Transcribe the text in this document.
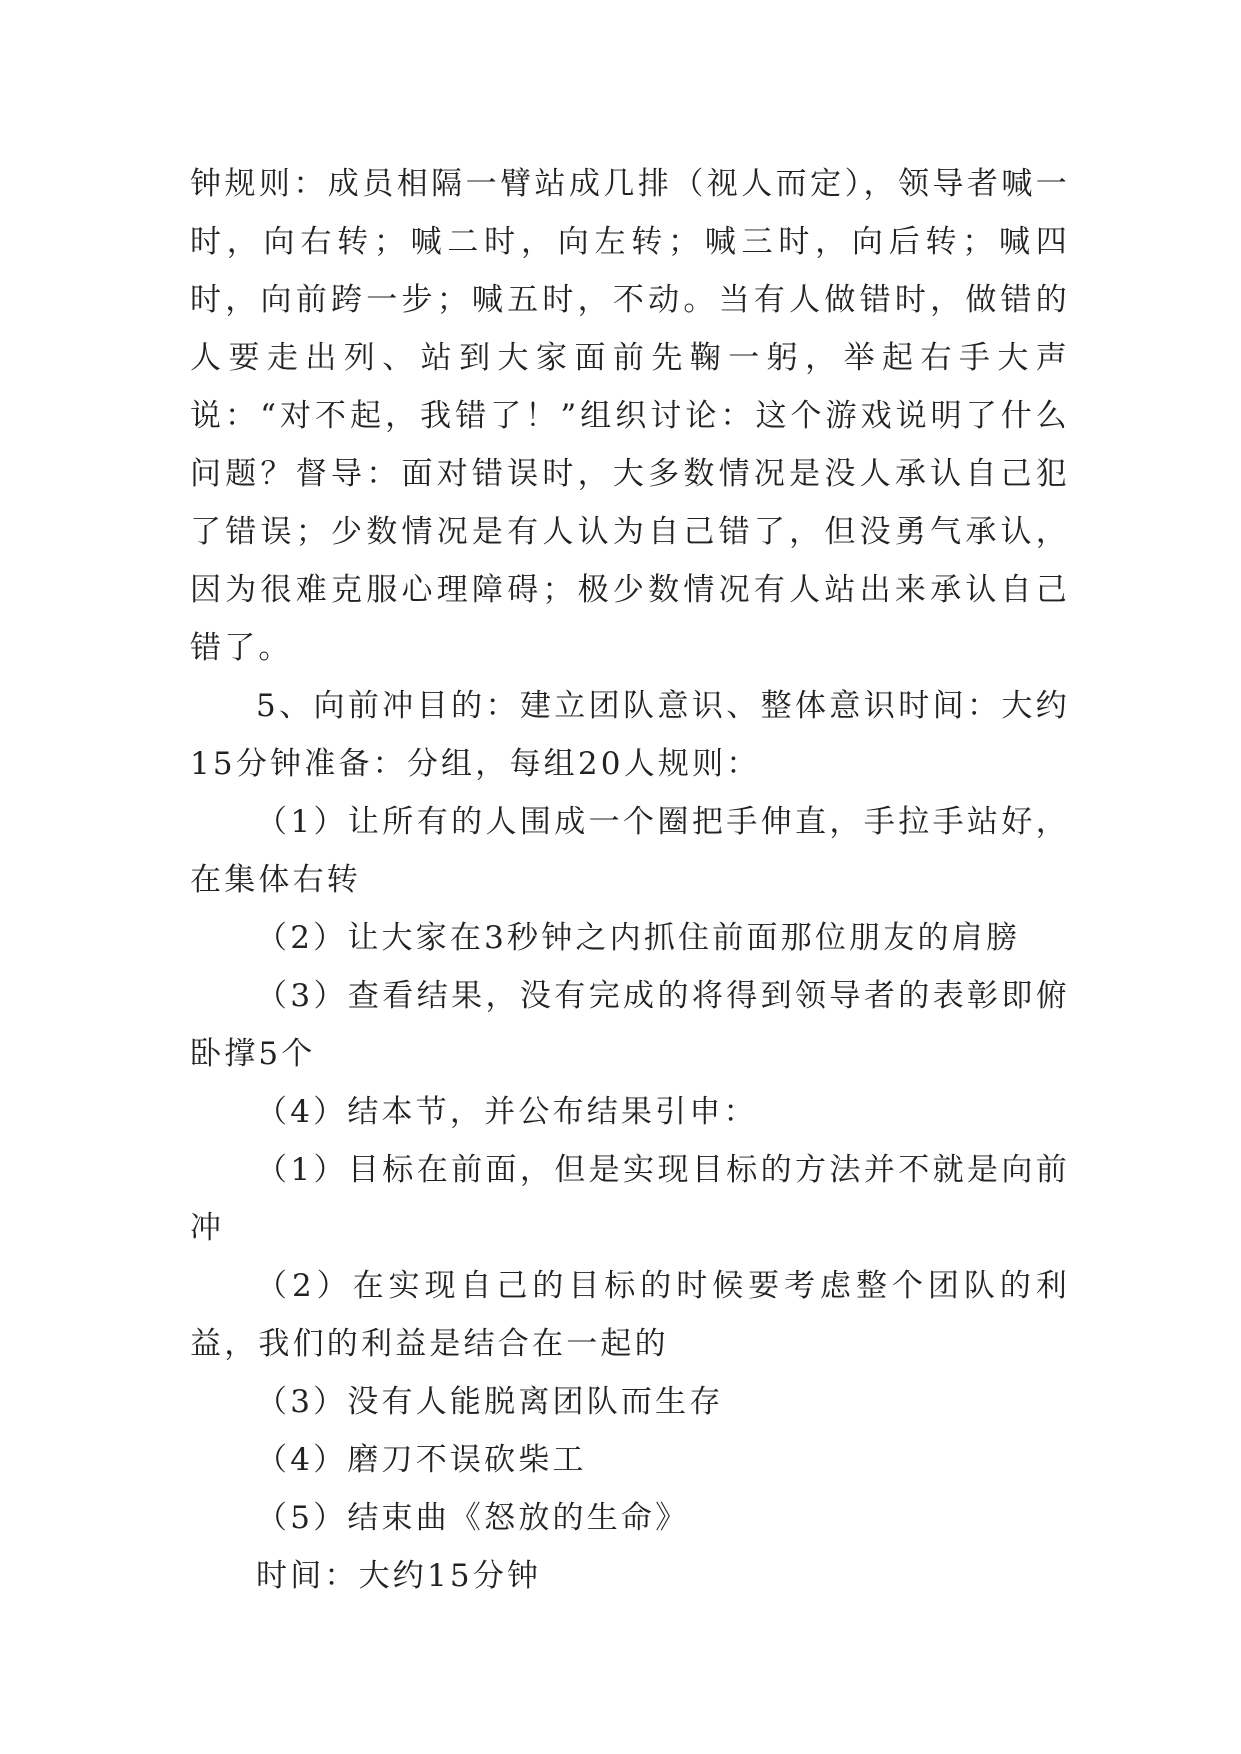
钟规则：成员相隔一臂站成几排（视人而定），领导者喊一时，向右转；喊二时，向左转；喊三时，向后转；喊四时，向前跨一步；喊五时，不动。当有人做错时，做错的人要走出列、站到大家面前先鞠一躬，举起右手大声说：“对不起，我错了！”组织讨论：这个游戏说明了什么问题？督导：面对错误时，大多数情况是没人承认自己犯了错误；少数情况是有人认为自己错了，但没勇气承认，因为很难克服心理障碍；极少数情况有人站出来承认自己错了。

5、向前冲目的：建立团队意识、整体意识时间：大约15分钟准备：分组，每组20人规则：

（1）让所有的人围成一个圈把手伸直，手拉手站好，在集体右转

（2）让大家在3秒钟之内抓住前面那位朋友的肩膀

（3）查看结果，没有完成的将得到领导者的表彰即俯卧撑5个

（4）结本节，并公布结果引申：

（1）目标在前面，但是实现目标的方法并不就是向前冲

（2）在实现自己的目标的时候要考虑整个团队的利益，我们的利益是结合在一起的

（3）没有人能脱离团队而生存

（4）磨刀不误砍柴工

（5）结束曲《怒放的生命》

时间：大约15分钟
